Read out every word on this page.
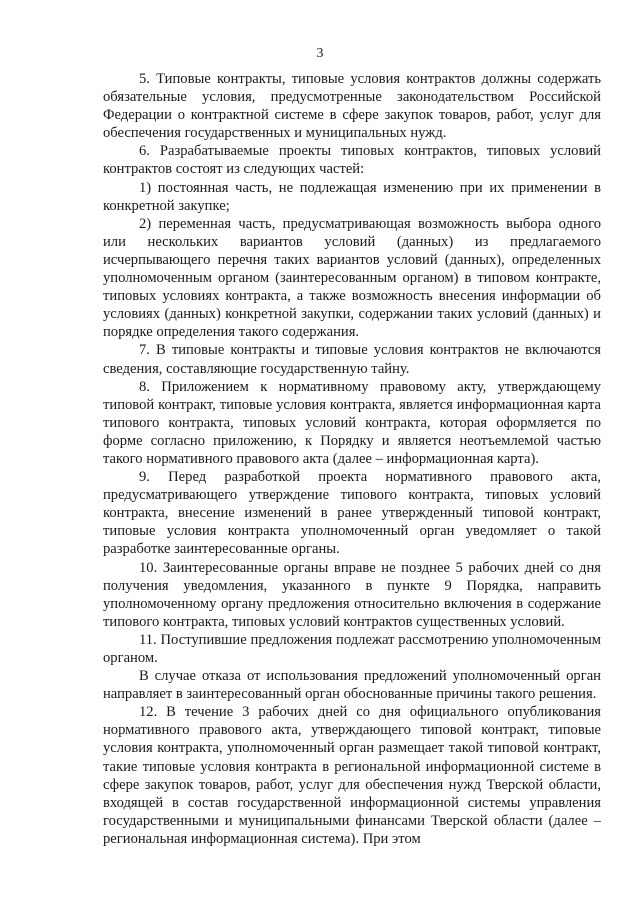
3

5. Типовые контракты, типовые условия контрактов должны содержать обязательные условия, предусмотренные законодательством Российской Федерации о контрактной системе в сфере закупок товаров, работ, услуг для обеспечения государственных и муниципальных нужд.

6. Разрабатываемые проекты типовых контрактов, типовых условий контрактов состоят из следующих частей:

1) постоянная часть, не подлежащая изменению при их применении в конкретной закупке;

2) переменная часть, предусматривающая возможность выбора одного или нескольких вариантов условий (данных) из предлагаемого исчерпывающего перечня таких вариантов условий (данных), определенных уполномоченным органом (заинтересованным органом) в типовом контракте, типовых условиях контракта, а также возможность внесения информации об условиях (данных) конкретной закупки, содержании таких условий (данных) и порядке определения такого содержания.

7. В типовые контракты и типовые условия контрактов не включаются сведения, составляющие государственную тайну.

8. Приложением к нормативному правовому акту, утверждающему типовой контракт, типовые условия контракта, является информационная карта типового контракта, типовых условий контракта, которая оформляется по форме согласно приложению, к Порядку и является неотъемлемой частью такого нормативного правового акта (далее – информационная карта).

9. Перед разработкой проекта нормативного правового акта, предусматривающего утверждение типового контракта, типовых условий контракта, внесение изменений в ранее утвержденный типовой контракт, типовые условия контракта уполномоченный орган уведомляет о такой разработке заинтересованные органы.

10. Заинтересованные органы вправе не позднее 5 рабочих дней со дня получения уведомления, указанного в пункте 9 Порядка, направить уполномоченному органу предложения относительно включения в содержание типового контракта, типовых условий контрактов существенных условий.

11. Поступившие предложения подлежат рассмотрению уполномоченным органом.

В случае отказа от использования предложений уполномоченный орган направляет в заинтересованный орган обоснованные причины такого решения.

12. В течение 3 рабочих дней со дня официального опубликования нормативного правового акта, утверждающего типовой контракт, типовые условия контракта, уполномоченный орган размещает такой типовой контракт, такие типовые условия контракта в региональной информационной системе в сфере закупок товаров, работ, услуг для обеспечения нужд Тверской области, входящей в состав государственной информационной системы управления государственными и муниципальными финансами Тверской области (далее – региональная информационная система). При этом
